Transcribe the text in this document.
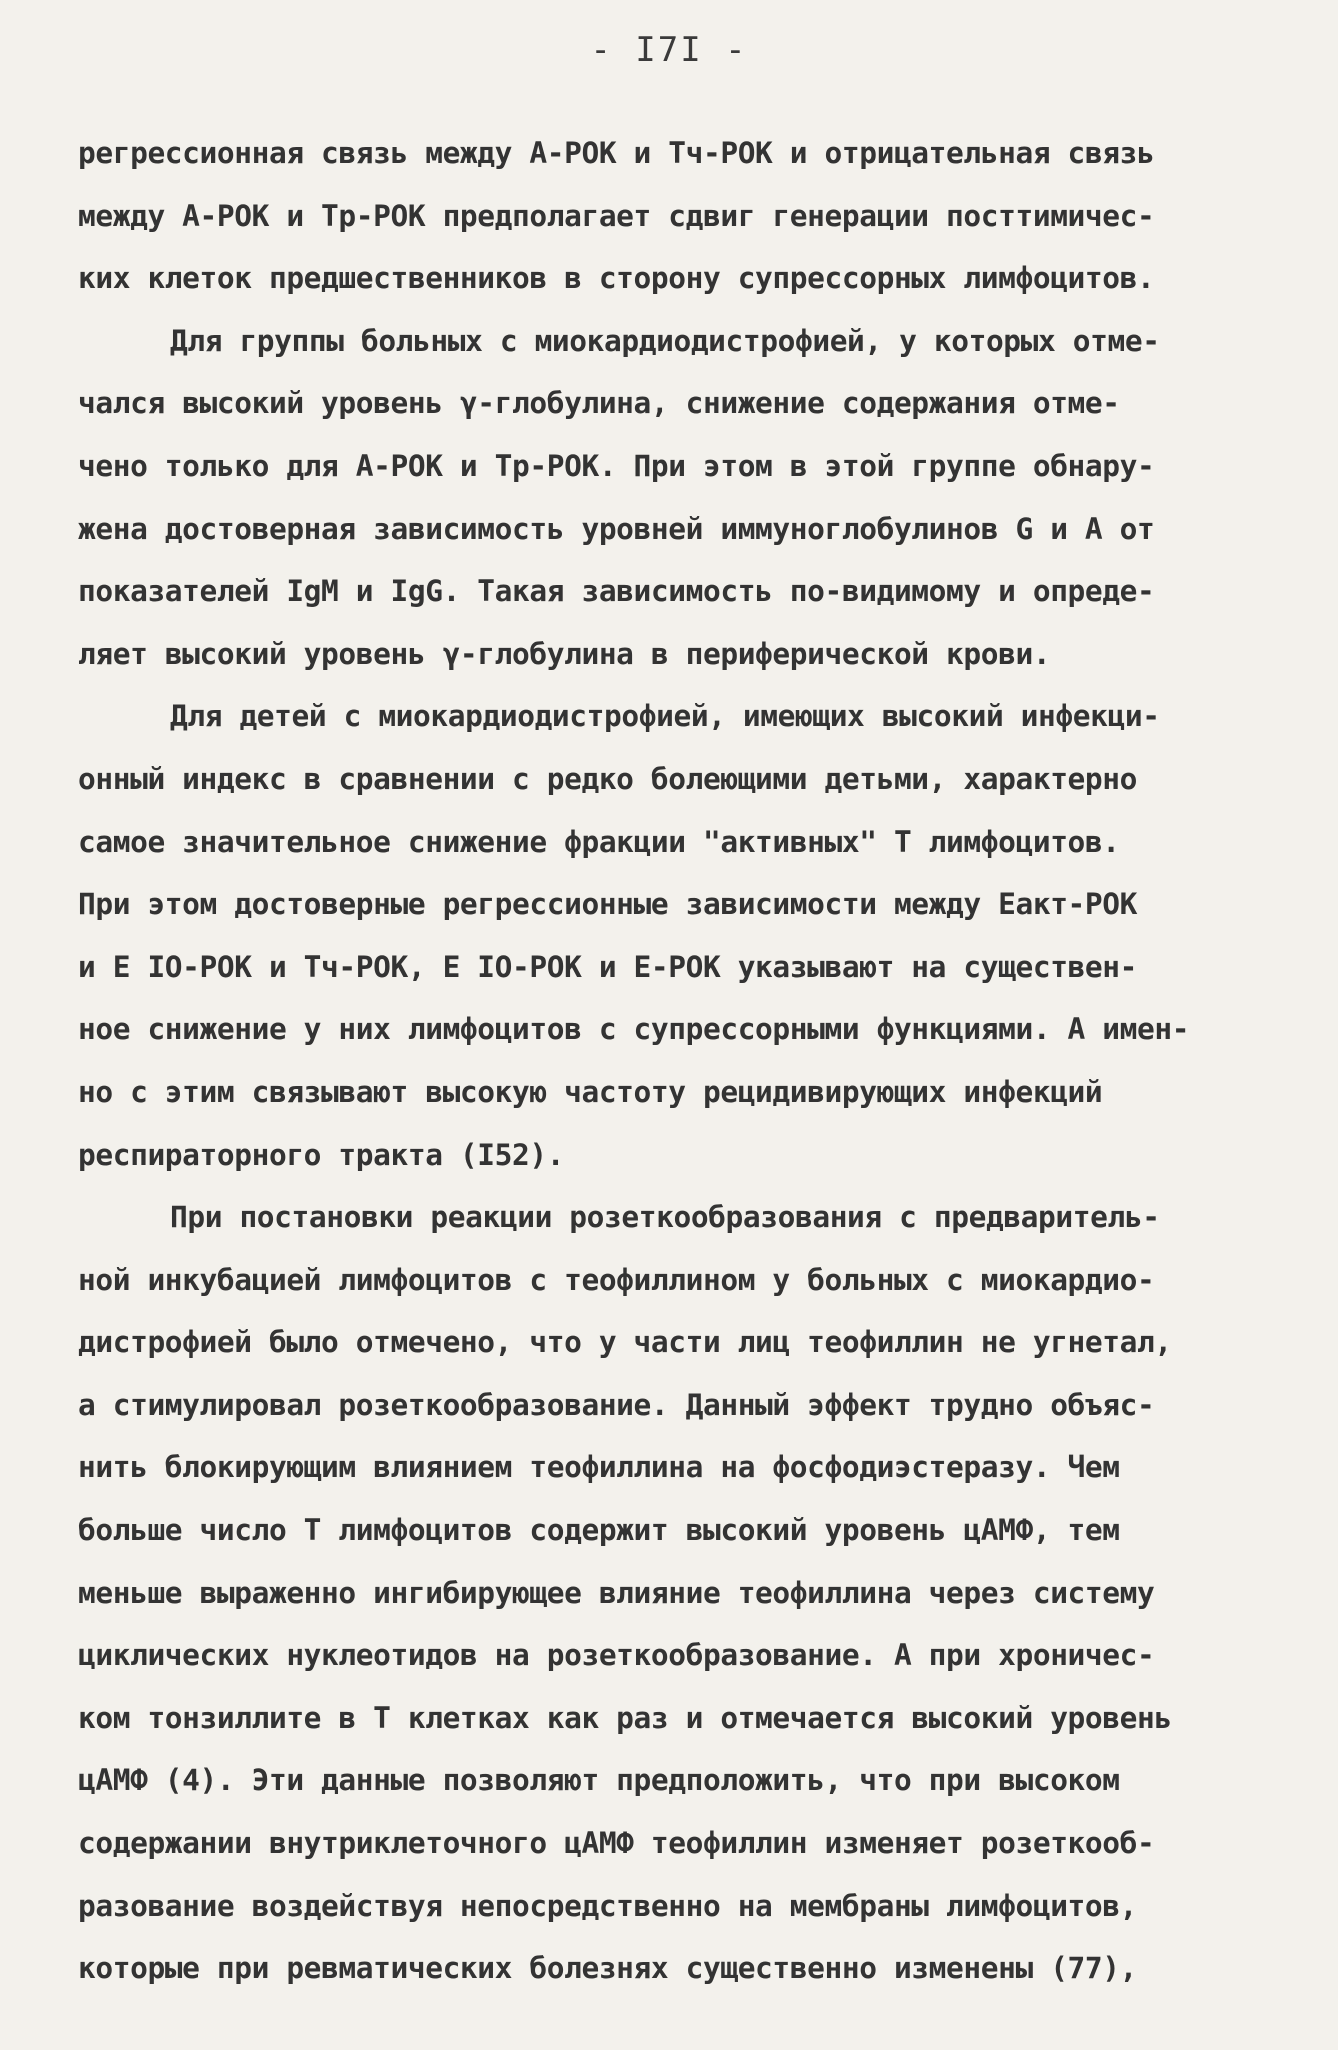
- I7I -
регрессионная связь между А-РОК и Тч-РОК и отрицательная связь
между А-РОК и Тр-РОК предполагает сдвиг генерации посттимичес-
ких клеток предшественников в сторону супрессорных лимфоцитов.
Для группы больных с миокардиодистрофией, у которых отме-
чался высокий уровень γ-глобулина, снижение содержания отме-
чено только для А-РОК и Тр-РОК. При этом в этой группе обнару-
жена достоверная зависимость уровней иммуноглобулинов G и А от
показателей IgM и IgG. Такая зависимость по-видимому и опреде-
ляет высокий уровень γ-глобулина в периферической крови.
Для детей с миокардиодистрофией, имеющих высокий инфекци-
онный индекс в сравнении с редко болеющими детьми, характерно
самое значительное снижение фракции "активных" Т лимфоцитов.
При этом достоверные регрессионные зависимости между Еакт-РОК
и Е IO-РОК и Тч-РОК, Е IO-РОК и Е-РОК указывают на существен-
ное снижение у них лимфоцитов с супрессорными функциями. А имен-
но с этим связывают высокую частоту рецидивирующих инфекций
респираторного тракта (I52).
При постановки реакции розеткообразования с предваритель-
ной инкубацией лимфоцитов с теофиллином у больных с миокардио-
дистрофией было отмечено, что у части лиц теофиллин не угнетал,
а стимулировал розеткообразование. Данный эффект трудно объяс-
нить блокирующим влиянием теофиллина на фосфодиэстеразу. Чем
больше число Т лимфоцитов содержит высокий уровень цАМФ, тем
меньше выраженно ингибирующее влияние теофиллина через систему
циклических нуклеотидов на розеткообразование. А при хроничес-
ком тонзиллите в Т клетках как раз и отмечается высокий уровень
цАМФ (4). Эти данные позволяют предположить, что при высоком
содержании внутриклеточного цАМФ теофиллин изменяет розеткооб-
разование воздействуя непосредственно на мембраны лимфоцитов,
которые при ревматических болезнях существенно изменены (77),
